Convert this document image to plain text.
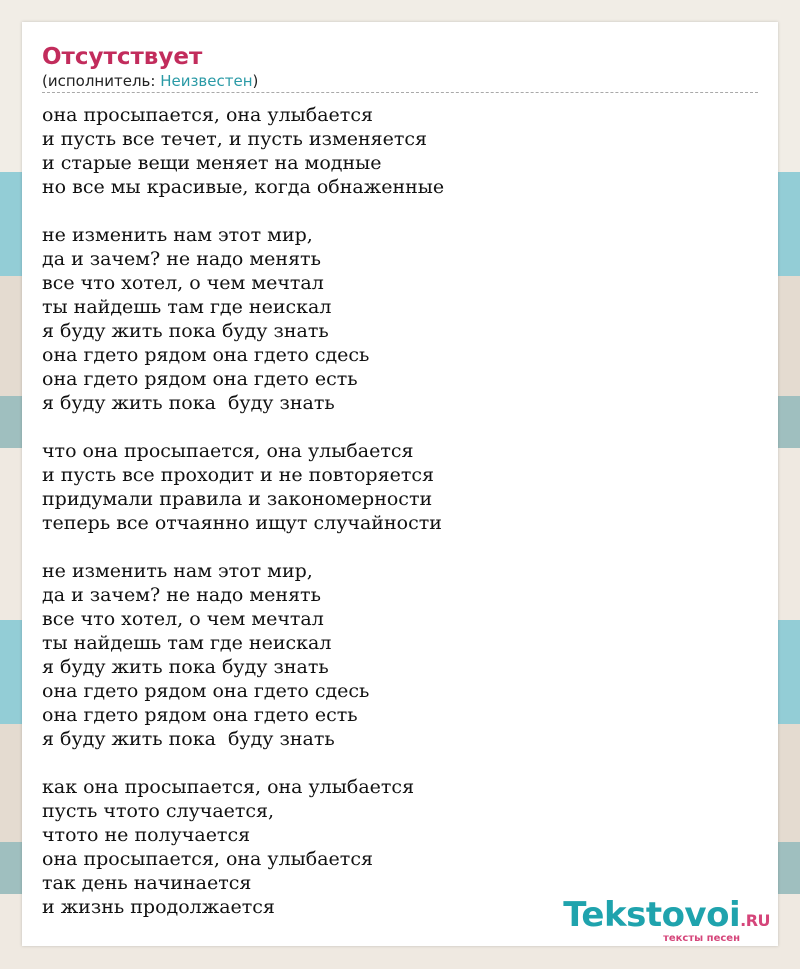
Отсутствует
(исполнитель: Неизвестен)
она просыпается, она улыбается
и пусть все течет, и пусть изменяется
и старые вещи меняет на модные
но все мы красивые, когда обнаженные
не изменить нам этот мир,
да и зачем? не надо менять
все что хотел, о чем мечтал
ты найдешь там где неискал
я буду жить пока буду знать
она гдето рядом она гдето сдесь
она гдето рядом она гдето есть
я буду жить пока  буду знать
что она просыпается, она улыбается
и пусть все проходит и не повторяется
придумали правила и закономерности
теперь все отчаянно ищут случайности
не изменить нам этот мир,
да и зачем? не надо менять
все что хотел, о чем мечтал
ты найдешь там где неискал
я буду жить пока буду знать
она гдето рядом она гдето сдесь
она гдето рядом она гдето есть
я буду жить пока  буду знать
как она просыпается, она улыбается
пусть чтото случается,
чтото не получается
она просыпается, она улыбается
так день начинается
и жизнь продолжается	Tekstovoi.RU
тексты песен
